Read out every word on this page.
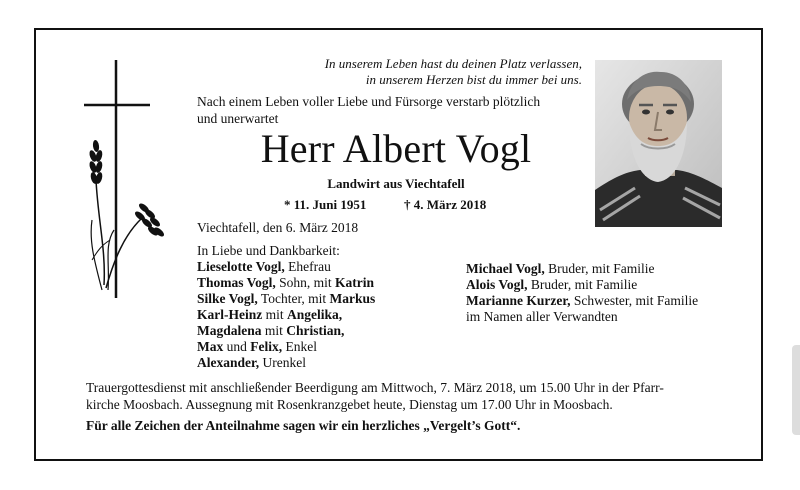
In unserem Leben hast du deinen Platz verlassen,
in unserem Herzen bist du immer bei uns.
Nach einem Leben voller Liebe und Fürsorge verstarb plötzlich
und unerwartet
Herr Albert Vogl
Landwirt aus Viechtafell
* 11. Juni 1951	† 4. März 2018
Viechtafell, den 6. März 2018
In Liebe und Dankbarkeit:
Lieselotte Vogl, Ehefrau
Thomas Vogl, Sohn, mit Katrin
Silke Vogl, Tochter, mit Markus
Karl-Heinz mit Angelika,
Magdalena mit Christian,
Max und Felix, Enkel
Alexander, Urenkel
Michael Vogl, Bruder, mit Familie
Alois Vogl, Bruder, mit Familie
Marianne Kurzer, Schwester, mit Familie
im Namen aller Verwandten
Trauergottesdienst mit anschließender Beerdigung am Mittwoch, 7. März 2018, um 15.00 Uhr in der Pfarr-
kirche Moosbach. Aussegnung mit Rosenkranzgebet heute, Dienstag um 17.00 Uhr in Moosbach.
Für alle Zeichen der Anteilnahme sagen wir ein herzliches „Vergelt’s Gott“.
